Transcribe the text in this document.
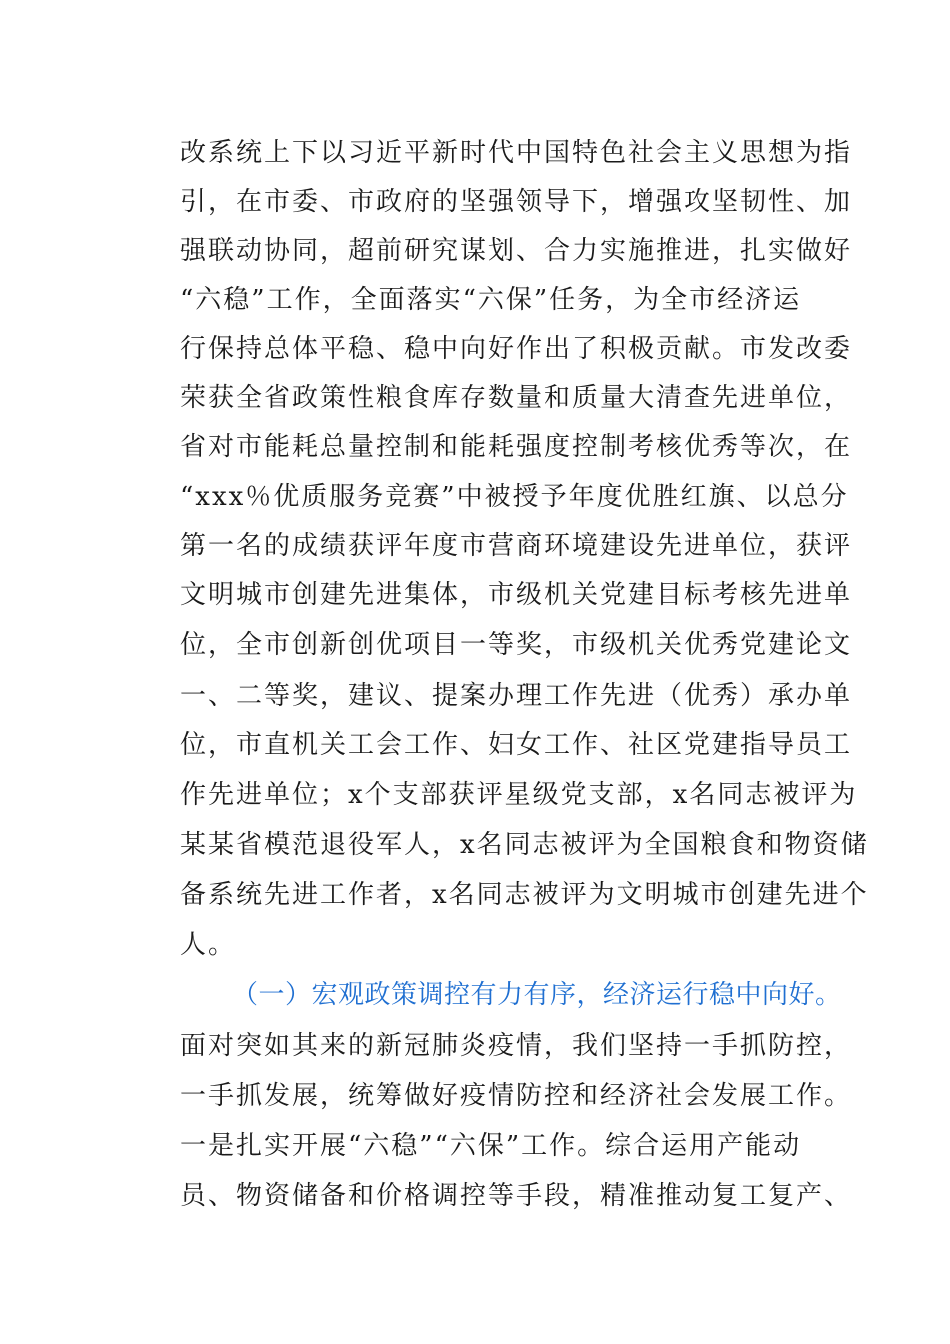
改系统上下以习近平新时代中国特色社会主义思想为指
引，在市委、市政府的坚强领导下，增强攻坚韧性、加
强联动协同，超前研究谋划、合力实施推进，扎实做好
“六稳”工作，全面落实“六保”任务，为全市经济运
行保持总体平稳、稳中向好作出了积极贡献。市发改委
荣获全省政策性粮食库存数量和质量大清查先进单位，
省对市能耗总量控制和能耗强度控制考核优秀等次，在
“xxx％优质服务竞赛”中被授予年度优胜红旗、以总分
第一名的成绩获评年度市营商环境建设先进单位，获评
文明城市创建先进集体，市级机关党建目标考核先进单
位，全市创新创优项目一等奖，市级机关优秀党建论文
一、二等奖，建议、提案办理工作先进（优秀）承办单
位，市直机关工会工作、妇女工作、社区党建指导员工
作先进单位；x个支部获评星级党支部，x名同志被评为
某某省模范退役军人，x名同志被评为全国粮食和物资储
备系统先进工作者，x名同志被评为文明城市创建先进个
人。
（一）宏观政策调控有力有序，经济运行稳中向好。
面对突如其来的新冠肺炎疫情，我们坚持一手抓防控，
一手抓发展，统筹做好疫情防控和经济社会发展工作。
一是扎实开展“六稳”“六保”工作。综合运用产能动
员、物资储备和价格调控等手段，精准推动复工复产、
